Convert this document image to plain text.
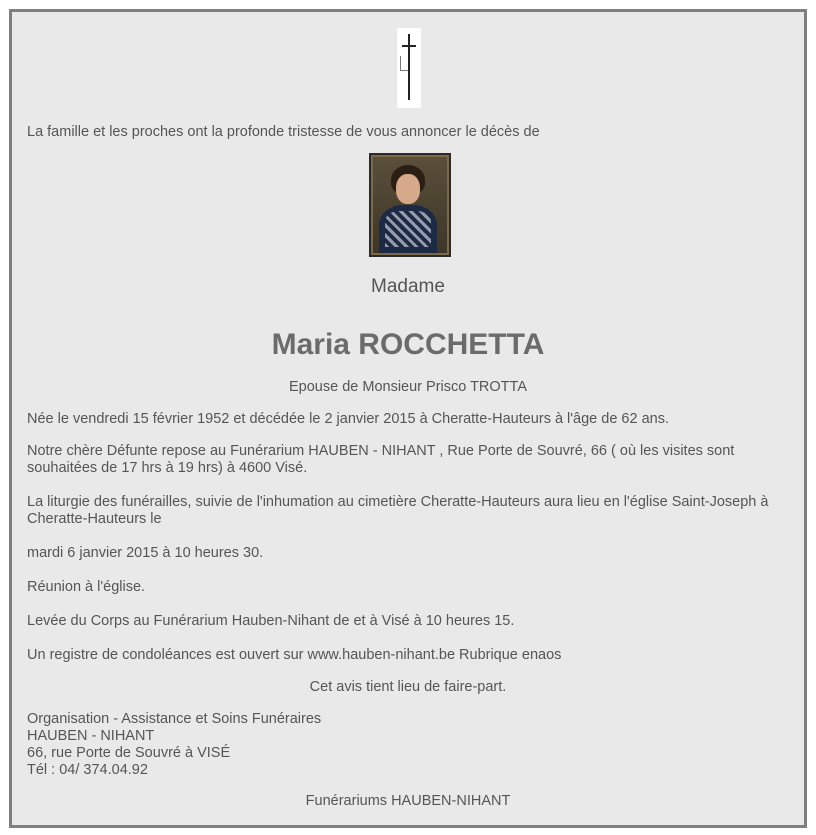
La famille et les proches ont la profonde tristesse de vous annoncer le décès de
Madame
Maria ROCCHETTA
Epouse de Monsieur Prisco TROTTA
Née le vendredi 15 février 1952 et décédée le 2 janvier 2015 à Cheratte-Hauteurs à l'âge de 62 ans.
Notre chère Défunte repose au Funérarium HAUBEN - NIHANT , Rue Porte de Souvré, 66 ( où les visites sont
souhaitées de 17 hrs à 19 hrs) à 4600 Visé.
La liturgie des funérailles, suivie de l'inhumation au cimetière Cheratte-Hauteurs aura lieu en l'église Saint-Joseph à
Cheratte-Hauteurs le
mardi 6 janvier 2015 à 10 heures 30.
Réunion à l'église.
Levée du Corps au Funérarium Hauben-Nihant de et à Visé à 10 heures 15.
Un registre de condoléances est ouvert sur www.hauben-nihant.be Rubrique enaos
Cet avis tient lieu de faire-part.
Organisation - Assistance et Soins Funéraires
HAUBEN - NIHANT
66, rue Porte de Souvré à VISÉ
Tél : 04/ 374.04.92
Funérariums HAUBEN-NIHANT
